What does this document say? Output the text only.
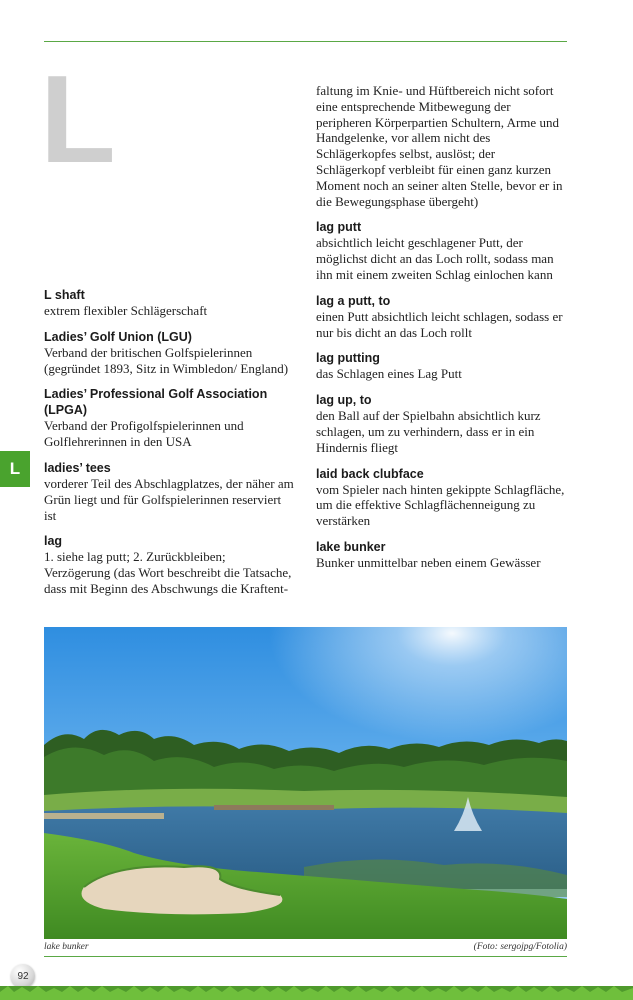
L
L shaft
extrem flexibler Schlägerschaft
Ladies’ Golf Union (LGU)
Verband der britischen Golfspielerinnen (gegründet 1893, Sitz in Wimbledon/ England)
Ladies’ Professional Golf Association (LPGA)
Verband der Profigolfspielerinnen und Golflehrerinnen in den USA
ladies’ tees
vorderer Teil des Abschlagplatzes, der näher am Grün liegt und für Golfspielerinnen reserviert ist
lag
1. siehe lag putt; 2. Zurückbleiben; Verzögerung (das Wort beschreibt die Tatsache, dass mit Beginn des Abschwungs die Kraftent-
faltung im Knie- und Hüftbereich nicht sofort eine entsprechende Mitbewegung der peripheren Körperpartien Schultern, Arme und Handgelenke, vor allem nicht des Schlägerkopfes selbst, auslöst; der Schlägerkopf verbleibt für einen ganz kurzen Moment noch an seiner alten Stelle, bevor er in die Bewegungsphase übergeht)
lag putt
absichtlich leicht geschlagener Putt, der möglichst dicht an das Loch rollt, sodass man ihn mit einem zweiten Schlag einlochen kann
lag a putt, to
einen Putt absichtlich leicht schlagen, sodass er nur bis dicht an das Loch rollt
lag putting
das Schlagen eines Lag Putt
lag up, to
den Ball auf der Spielbahn absichtlich kurz schlagen, um zu verhindern, dass er in ein Hindernis fliegt
laid back clubface
vom Spieler nach hinten gekippte Schlagfläche, um die effektive Schlagflächenneigung zu verstärken
lake bunker
Bunker unmittelbar neben einem Gewässer
L
lake bunker	(Foto: sergojpg/Fotolia)
92
